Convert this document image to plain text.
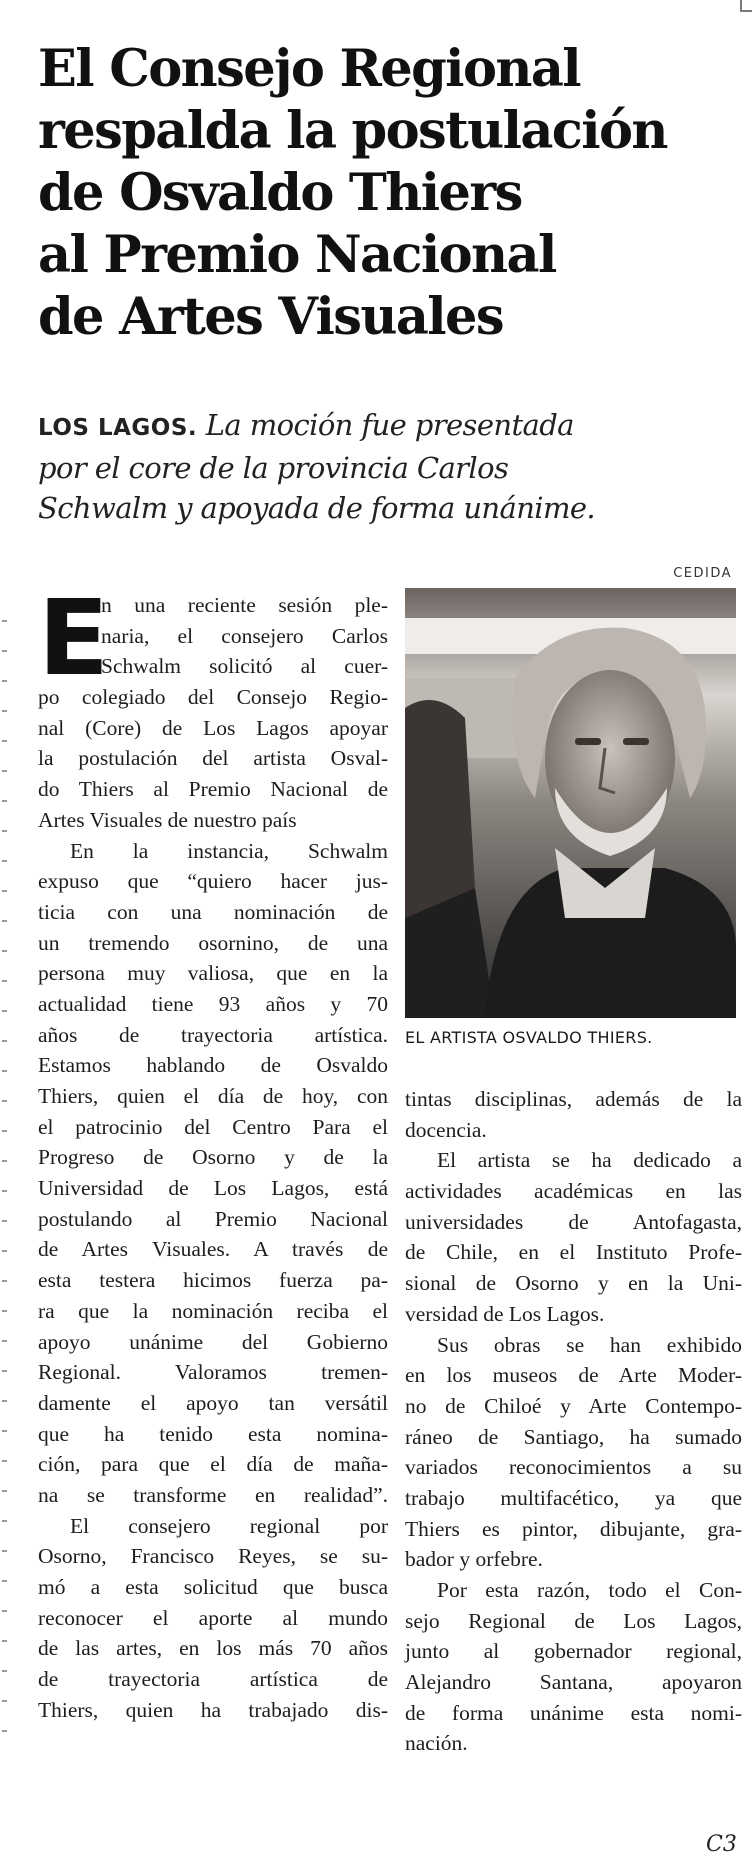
El Consejo Regional
respalda la postulación
de Osvaldo Thiers
al Premio Nacional
de Artes Visuales
LOS LAGOS. La moción fue presentada
por el core de la provincia Carlos
Schwalm y apoyada de forma unánime.
E
n una reciente sesión ple-
naria, el consejero Carlos
Schwalm solicitó al cuer-
po colegiado del Consejo Regio-
nal (Core) de Los Lagos apoyar
la postulación del artista Osval-
do Thiers al Premio Nacional de
Artes Visuales de nuestro país
En la instancia, Schwalm
expuso que “quiero hacer jus-
ticia con una nominación de
un tremendo osornino, de una
persona muy valiosa, que en la
actualidad tiene 93 años y 70
años de trayectoria artística.
Estamos hablando de Osvaldo
Thiers, quien el día de hoy, con
el patrocinio del Centro Para el
Progreso de Osorno y de la
Universidad de Los Lagos, está
postulando al Premio Nacional
de Artes Visuales. A través de
esta testera hicimos fuerza pa-
ra que la nominación reciba el
apoyo unánime del Gobierno
Regional. Valoramos tremen-
damente el apoyo tan versátil
que ha tenido esta nomina-
ción, para que el día de maña-
na se transforme en realidad”.
El consejero regional por
Osorno, Francisco Reyes, se su-
mó a esta solicitud que busca
reconocer el aporte al mundo
de las artes, en los más 70 años
de trayectoria artística de
Thiers, quien ha trabajado dis-
CEDIDA
EL ARTISTA OSVALDO THIERS.
tintas disciplinas, además de la
docencia.
El artista se ha dedicado a
actividades académicas en las
universidades de Antofagasta,
de Chile, en el Instituto Profe-
sional de Osorno y en la Uni-
versidad de Los Lagos.
Sus obras se han exhibido
en los museos de Arte Moder-
no de Chiloé y Arte Contempo-
ráneo de Santiago, ha sumado
variados reconocimientos a su
trabajo multifacético, ya que
Thiers es pintor, dibujante, gra-
bador y orfebre.
Por esta razón, todo el Con-
sejo Regional de Los Lagos,
junto al gobernador regional,
Alejandro Santana, apoyaron
de forma unánime esta nomi-
nación.
C3
